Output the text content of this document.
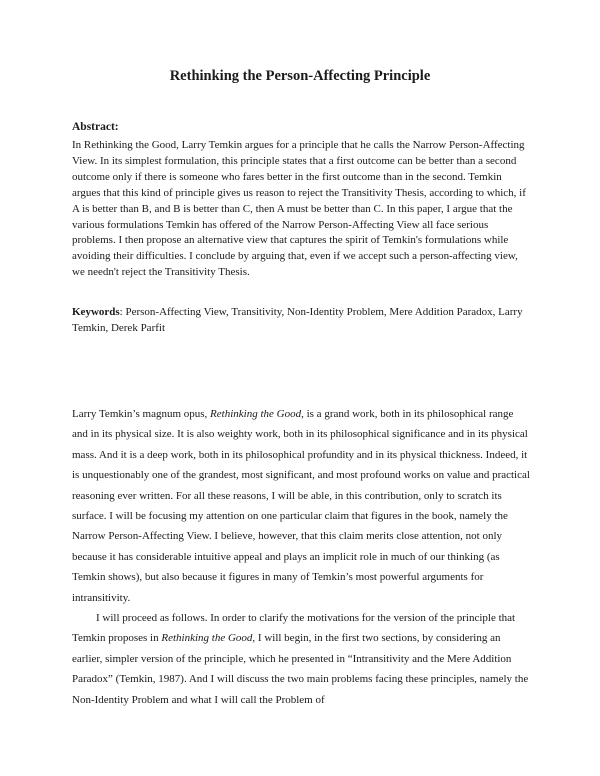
Rethinking the Person-Affecting Principle
Abstract:

In Rethinking the Good, Larry Temkin argues for a principle that he calls the Narrow Person-Affecting View. In its simplest formulation, this principle states that a first outcome can be better than a second outcome only if there is someone who fares better in the first outcome than in the second. Temkin argues that this kind of principle gives us reason to reject the Transitivity Thesis, according to which, if A is better than B, and B is better than C, then A must be better than C. In this paper, I argue that the various formulations Temkin has offered of the Narrow Person-Affecting View all face serious problems. I then propose an alternative view that captures the spirit of Temkin's formulations while avoiding their difficulties. I conclude by arguing that, even if we accept such a person-affecting view, we needn't reject the Transitivity Thesis.

Keywords: Person-Affecting View, Transitivity, Non-Identity Problem, Mere Addition Paradox, Larry Temkin, Derek Parfit

Larry Temkin’s magnum opus, Rethinking the Good, is a grand work, both in its philosophical range and in its physical size. It is also weighty work, both in its philosophical significance and in its physical mass. And it is a deep work, both in its philosophical profundity and in its physical thickness. Indeed, it is unquestionably one of the grandest, most significant, and most profound works on value and practical reasoning ever written. For all these reasons, I will be able, in this contribution, only to scratch its surface. I will be focusing my attention on one particular claim that figures in the book, namely the Narrow Person-Affecting View. I believe, however, that this claim merits close attention, not only because it has considerable intuitive appeal and plays an implicit role in much of our thinking (as Temkin shows), but also because it figures in many of Temkin’s most powerful arguments for intransitivity.

I will proceed as follows. In order to clarify the motivations for the version of the principle that Temkin proposes in Rethinking the Good, I will begin, in the first two sections, by considering an earlier, simpler version of the principle, which he presented in “Intransitivity and the Mere Addition Paradox” (Temkin, 1987). And I will discuss the two main problems facing these principles, namely the Non-Identity Problem and what I will call the Problem of
